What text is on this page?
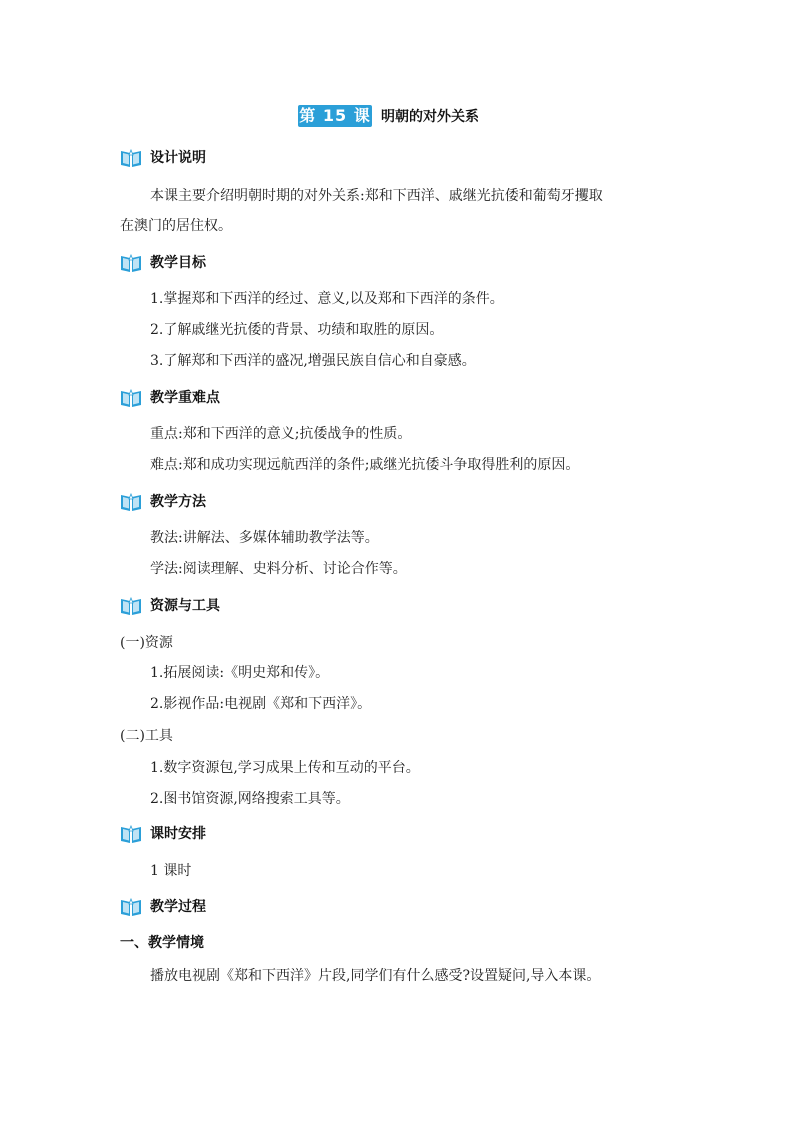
第 15 课 明朝的对外关系
设计说明
本课主要介绍明朝时期的对外关系:郑和下西洋、戚继光抗倭和葡萄牙攫取
在澳门的居住权。
教学目标
1.掌握郑和下西洋的经过、意义,以及郑和下西洋的条件。
2.了解戚继光抗倭的背景、功绩和取胜的原因。
3.了解郑和下西洋的盛况,增强民族自信心和自豪感。
教学重难点
重点:郑和下西洋的意义;抗倭战争的性质。
难点:郑和成功实现远航西洋的条件;戚继光抗倭斗争取得胜利的原因。
教学方法
教法:讲解法、多媒体辅助教学法等。
学法:阅读理解、史料分析、讨论合作等。
资源与工具
(一)资源
1.拓展阅读:《明史郑和传》。
2.影视作品:电视剧《郑和下西洋》。
(二)工具
1.数字资源包,学习成果上传和互动的平台。
2.图书馆资源,网络搜索工具等。
课时安排
1 课时
教学过程
一、教学情境
播放电视剧《郑和下西洋》片段,同学们有什么感受?设置疑问,导入本课。
